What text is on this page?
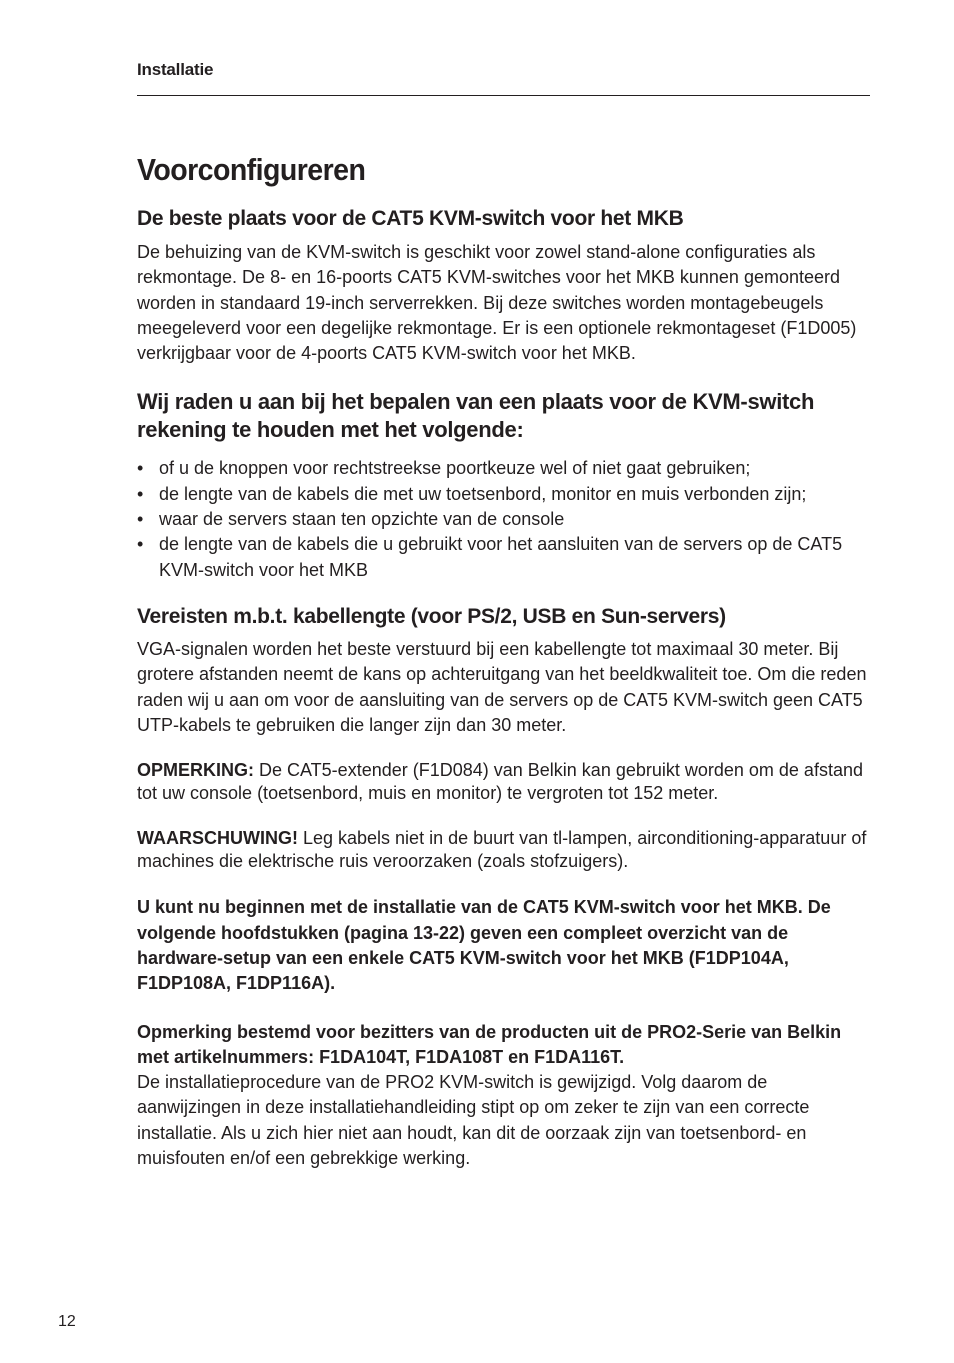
Installatie
Voorconfigureren
De beste plaats voor de CAT5 KVM-switch voor het MKB

De behuizing van de KVM-switch is geschikt voor zowel stand-alone configuraties als rekmontage. De 8- en 16-poorts CAT5 KVM-switches voor het MKB kunnen gemonteerd worden in standaard 19-inch serverrekken. Bij deze switches worden montagebeugels meegeleverd voor een degelijke rekmontage. Er is een optionele rekmontageset (F1D005) verkrijgbaar voor de 4-poorts CAT5 KVM-switch voor het MKB.

Wij raden u aan bij het bepalen van een plaats voor de KVM-switch rekening te houden met het volgende:
• of u de knoppen voor rechtstreekse poortkeuze wel of niet gaat gebruiken;
• de lengte van de kabels die met uw toetsenbord, monitor en muis verbonden zijn;
• waar de servers staan ten opzichte van de console
• de lengte van de kabels die u gebruikt voor het aansluiten van de servers op de CAT5 KVM-switch voor het MKB
Vereisten m.b.t. kabellengte (voor PS/2, USB en Sun-servers)

VGA-signalen worden het beste verstuurd bij een kabellengte tot maximaal 30 meter. Bij grotere afstanden neemt de kans op achteruitgang van het beeldkwaliteit toe. Om die reden raden wij u aan om voor de aansluiting van de servers op de CAT5 KVM-switch geen CAT5 UTP-kabels te gebruiken die langer zijn dan 30 meter.

OPMERKING: De CAT5-extender (F1D084) van Belkin kan gebruikt worden om de afstand tot uw console (toetsenbord, muis en monitor) te vergroten tot 152 meter.

WAARSCHUWING! Leg kabels niet in de buurt van tl-lampen, airconditioning-apparatuur of machines die elektrische ruis veroorzaken (zoals stofzuigers).

U kunt nu beginnen met de installatie van de CAT5 KVM-switch voor het MKB. De volgende hoofdstukken (pagina 13-22) geven een compleet overzicht van de hardware-setup van een enkele CAT5 KVM-switch voor het MKB (F1DP104A, F1DP108A, F1DP116A).

Opmerking bestemd voor bezitters van de producten uit de PRO2-Serie van Belkin met artikelnummers: F1DA104T, F1DA108T en F1DA116T.
De installatieprocedure van de PRO2 KVM-switch is gewijzigd. Volg daarom de aanwijzingen in deze installatiehandleiding stipt op om zeker te zijn van een correcte installatie. Als u zich hier niet aan houdt, kan dit de oorzaak zijn van toetsenbord- en muisfouten en/of een gebrekkige werking.

12
